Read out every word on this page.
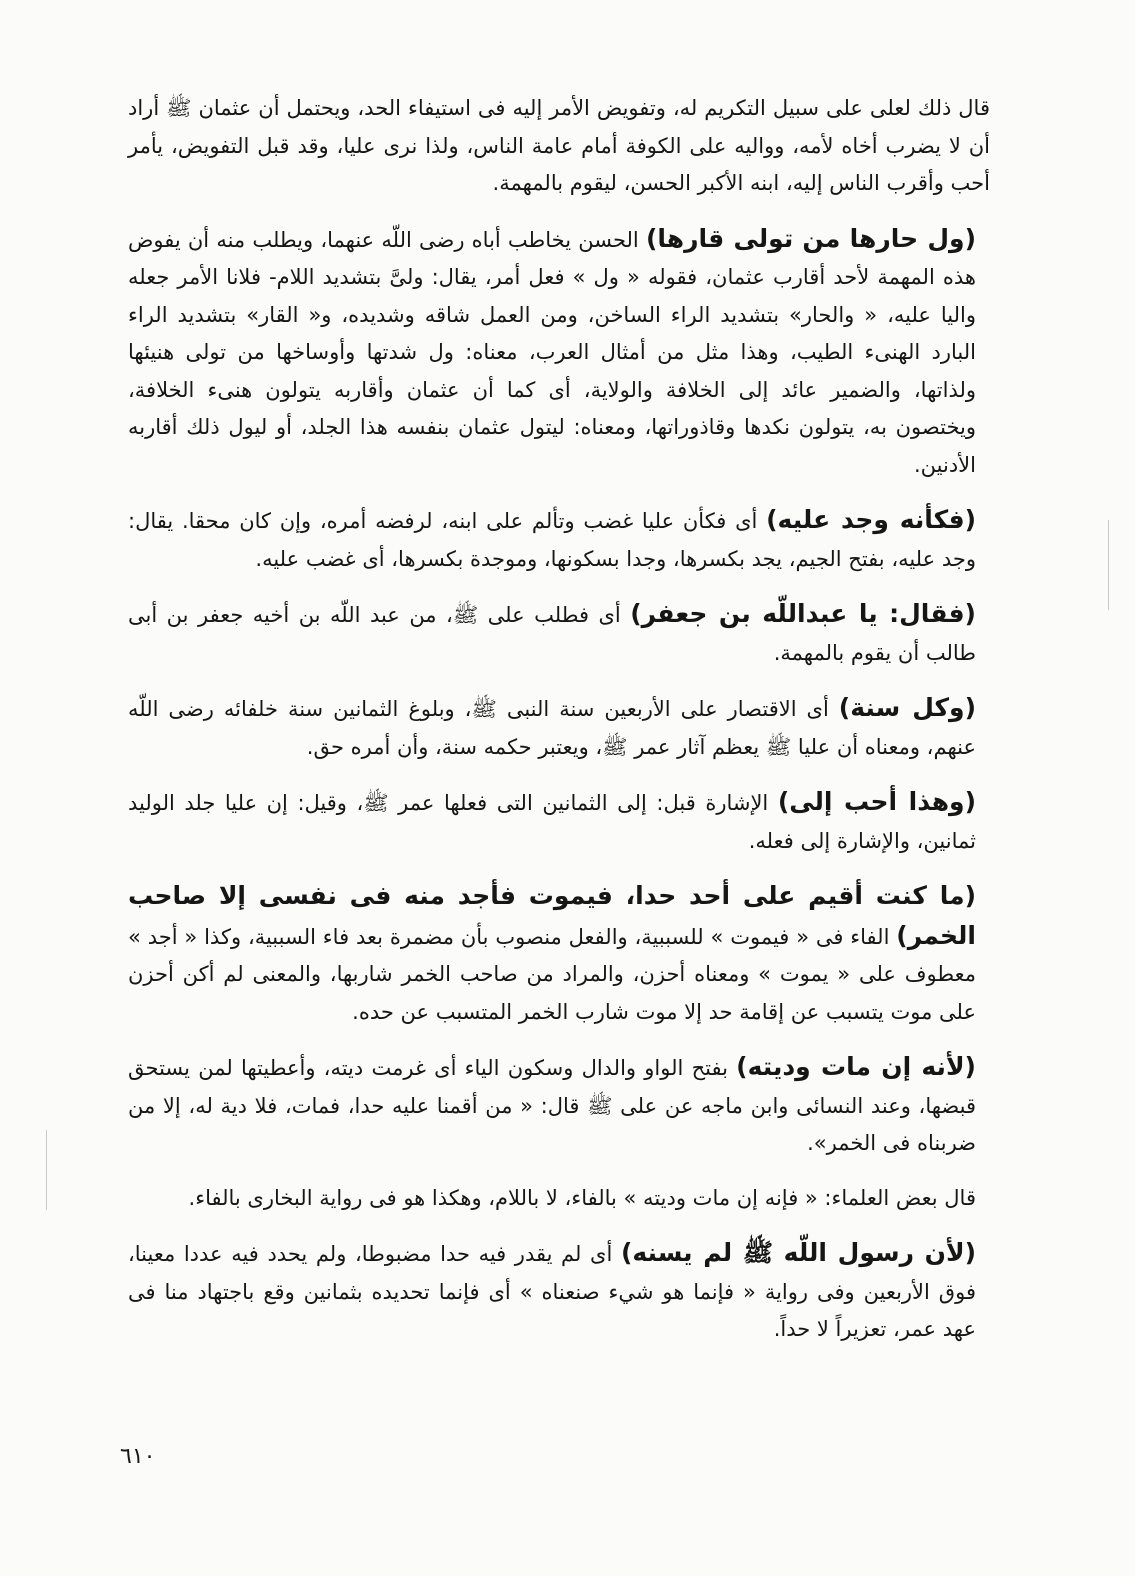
قال ذلك لعلى على سبيل التكريم له، وتفويض الأمر إليه فى استيفاء الحد، ويحتمل أن عثمان ﷺ أراد أن لا يضرب أخاه لأمه، وواليه على الكوفة أمام عامة الناس، ولذا نرى عليا، وقد قبل التفويض، يأمر أحب وأقرب الناس إليه، ابنه الأكبر الحسن، ليقوم بالمهمة.

(ول حارها من تولى قارها) الحسن يخاطب أباه رضى اللّه عنهما، ويطلب منه أن يفوض هذه المهمة لأحد أقارب عثمان، فقوله « ول » فعل أمر، يقال: ولىَّ بتشديد اللام- فلانا الأمر جعله واليا عليه، « والحار» بتشديد الراء الساخن، ومن العمل شاقه وشديده، و« القار» بتشديد الراء البارد الهنىء الطيب، وهذا مثل من أمثال العرب، معناه: ول شدتها وأوساخها من تولى هنيئها ولذاتها، والضمير عائد إلى الخلافة والولاية، أى كما أن عثمان وأقاربه يتولون هنىء الخلافة، ويختصون به، يتولون نكدها وقاذوراتها، ومعناه: ليتول عثمان بنفسه هذا الجلد، أو ليول ذلك أقاربه الأدنين.

(فكأنه وجد عليه) أى فكأن عليا غضب وتألم على ابنه، لرفضه أمره، وإن كان محقا. يقال: وجد عليه، بفتح الجيم، يجد بكسرها، وجدا بسكونها، وموجدة بكسرها، أى غضب عليه.

(فقال: يا عبداللّه بن جعفر) أى فطلب على ﷺ، من عبد اللّه بن أخيه جعفر بن أبى طالب أن يقوم بالمهمة.

(وكل سنة) أى الاقتصار على الأربعين سنة النبى ﷺ، وبلوغ الثمانين سنة خلفائه رضى اللّه عنهم، ومعناه أن عليا ﷺ يعظم آثار عمر ﷺ، ويعتبر حكمه سنة، وأن أمره حق.

(وهذا أحب إلى) الإشارة قبل: إلى الثمانين التى فعلها عمر ﷺ، وقيل: إن عليا جلد الوليد ثمانين، والإشارة إلى فعله.

(ما كنت أقيم على أحد حدا، فيموت فأجد منه فى نفسى إلا صاحب الخمر) الفاء فى « فيموت » للسببية، والفعل منصوب بأن مضمرة بعد فاء السببية، وكذا « أجد » معطوف على « يموت » ومعناه أحزن، والمراد من صاحب الخمر شاربها، والمعنى لم أكن أحزن على موت يتسبب عن إقامة حد إلا موت شارب الخمر المتسبب عن حده.

(لأنه إن مات وديته) بفتح الواو والدال وسكون الياء أى غرمت ديته، وأعطيتها لمن يستحق قبضها، وعند النسائى وابن ماجه عن على ﷺ قال: « من أقمنا عليه حدا، فمات، فلا دية له، إلا من ضربناه فى الخمر».

قال بعض العلماء: « فإنه إن مات وديته » بالفاء، لا باللام، وهكذا هو فى رواية البخارى بالفاء.

(لأن رسول اللّه ﷺ لم يسنه) أى لم يقدر فيه حدا مضبوطا، ولم يحدد فيه عددا معينا، فوق الأربعين وفى رواية « فإنما هو شيء صنعناه » أى فإنما تحديده بثمانين وقع باجتهاد منا فى عهد عمر، تعزيراً لا حداً.

٦١٠
